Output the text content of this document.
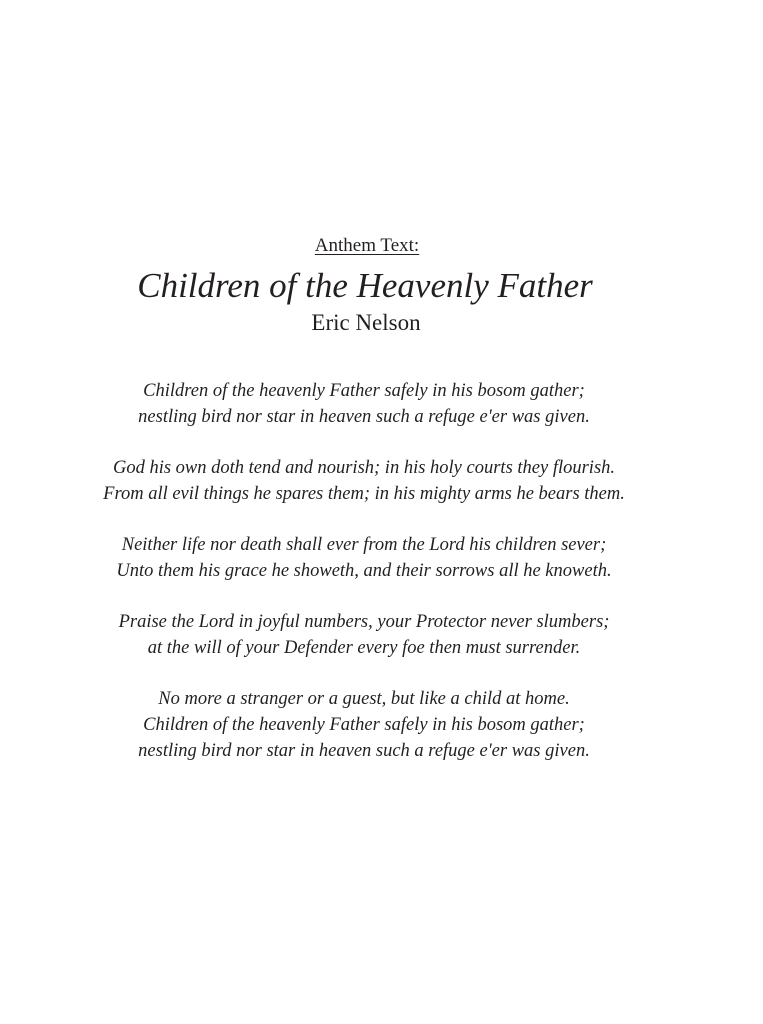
Anthem Text:
Children of the Heavenly Father
Eric Nelson
Children of the heavenly Father safely in his bosom gather;
nestling bird nor star in heaven such a refuge e'er was given.
God his own doth tend and nourish; in his holy courts they flourish.
From all evil things he spares them; in his mighty arms he bears them.
Neither life nor death shall ever from the Lord his children sever;
Unto them his grace he showeth, and their sorrows all he knoweth.
Praise the Lord in joyful numbers, your Protector never slumbers;
at the will of your Defender every foe then must surrender.
No more a stranger or a guest, but like a child at home.
Children of the heavenly Father safely in his bosom gather;
nestling bird nor star in heaven such a refuge e'er was given.
